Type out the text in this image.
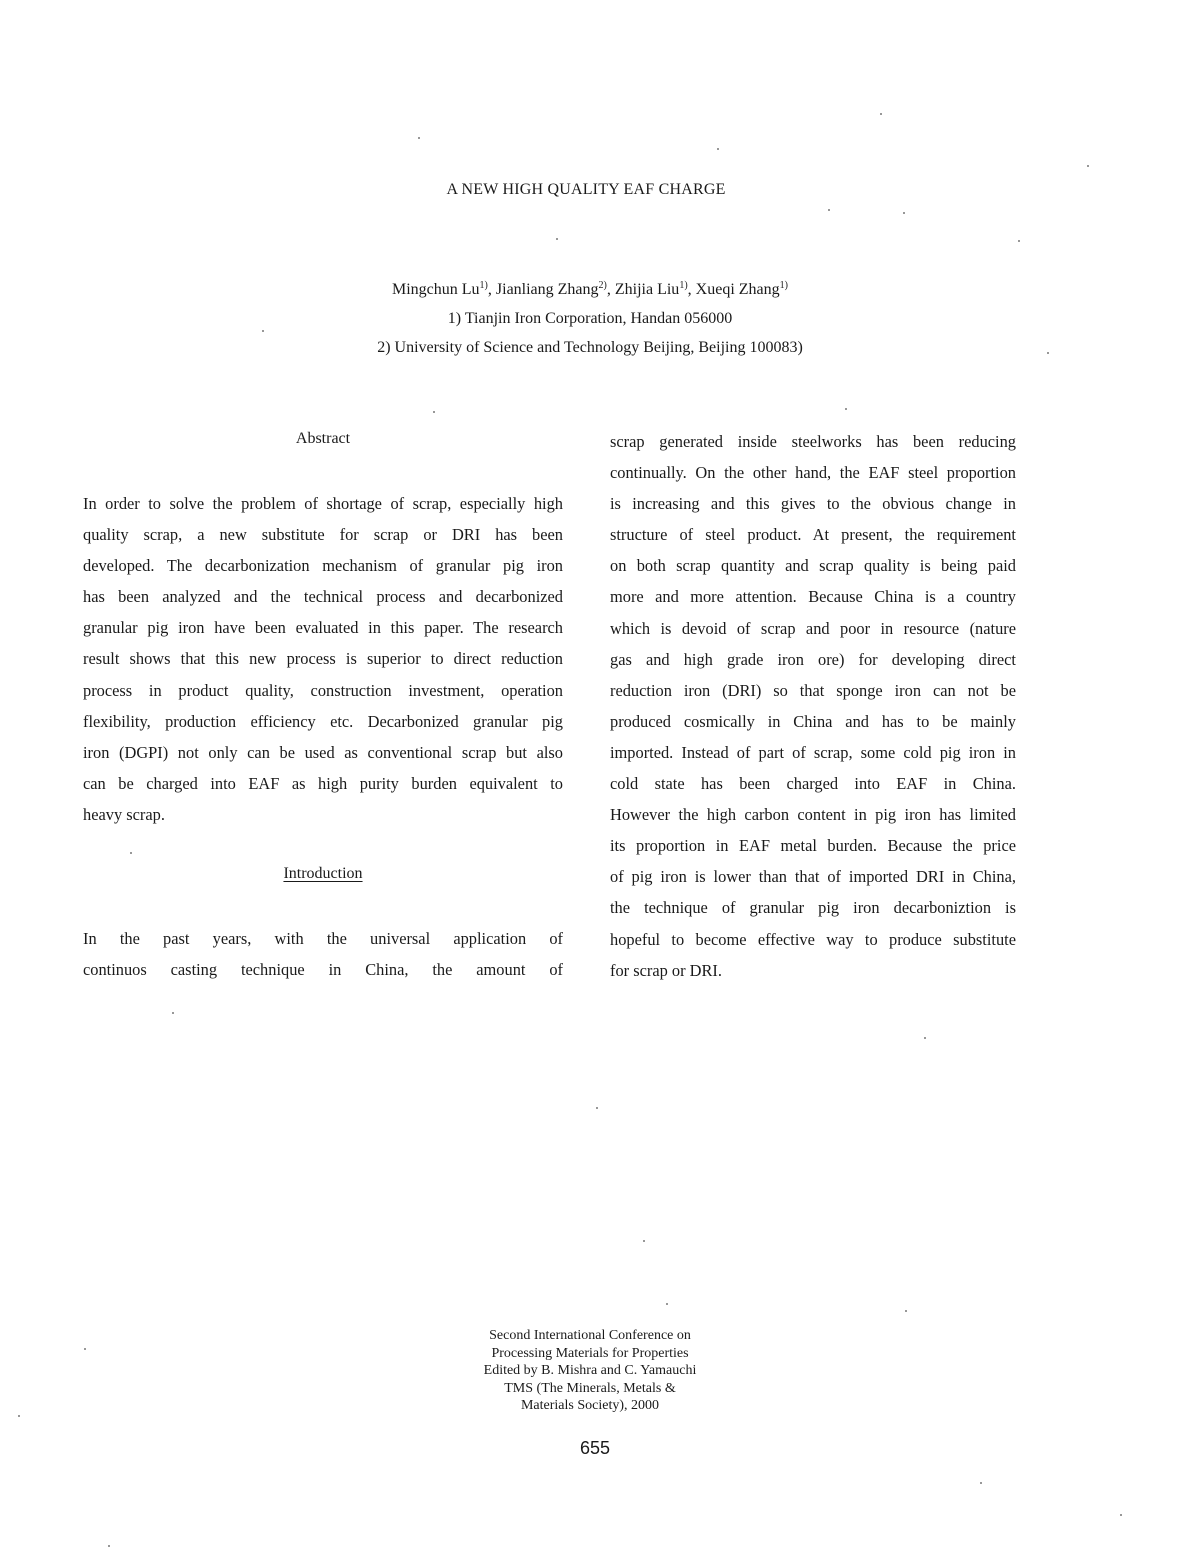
A NEW HIGH QUALITY EAF CHARGE
Mingchun Lu$^{1)}$, Jianliang Zhang$^{2)}$, Zhijia Liu$^{1)}$, Xueqi Zhang$^{1)}$
1) Tianjin Iron Corporation, Handan 056000
2) University of Science and Technology Beijing, Beijing 100083)
Abstract
In order to solve the problem of shortage of scrap, especially high
quality scrap, a new substitute for scrap or DRI has been
developed. The decarbonization mechanism of granular pig iron
has been analyzed and the technical process and decarbonized
granular pig iron have been evaluated in this paper. The research
result shows that this new process is superior to direct reduction
process in product quality, construction investment, operation
flexibility, production efficiency etc. Decarbonized granular pig
iron (DGPI) not only can be used as conventional scrap but also
can be charged into EAF as high purity burden equivalent to
heavy scrap.
Introduction
In the past years, with the universal application of
continuos casting technique in China, the amount of
scrap generated inside steelworks has been reducing
continually. On the other hand, the EAF steel proportion
is increasing and this gives to the obvious change in
structure of steel product. At present, the requirement
on both scrap quantity and scrap quality is being paid
more and more attention. Because China is a country
which is devoid of scrap and poor in resource (nature
gas and high grade iron ore) for developing direct
reduction iron (DRI) so that sponge iron can not be
produced cosmically in China and has to be mainly
imported. Instead of part of scrap, some cold pig iron in
cold state has been charged into EAF in China.
However the high carbon content in pig iron has limited
its proportion in EAF metal burden. Because the price
of pig iron is lower than that of imported DRI in China,
the technique of granular pig iron decarboniztion is
hopeful to become effective way to produce substitute
for scrap or DRI.
Second International Conference on
Processing Materials for Properties
Edited by B. Mishra and C. Yamauchi
TMS (The Minerals, Metals &
Materials Society), 2000
655
